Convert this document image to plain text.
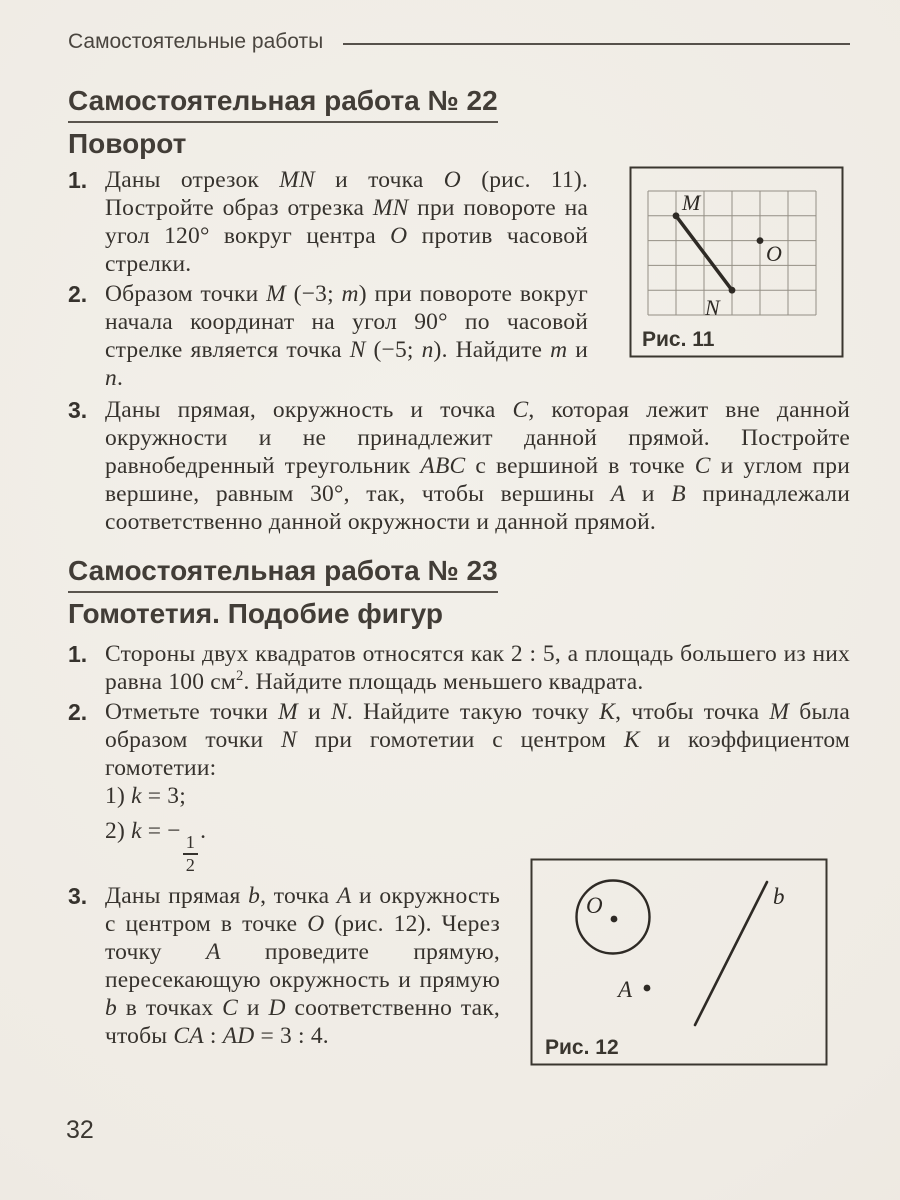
Самостоятельные работы
Самостоятельная работа № 22
Поворот
1. Даны отрезок MN и точка O (рис. 11). Постройте образ отрезка MN при повороте на угол 120° вокруг центра O против часовой стрелки.
2. Образом точки M (−3; m) при повороте вокруг начала координат на угол 90° по часовой стрелке является точка N (−5; n). Найдите m и n.
M
N
O
Рис. 11
3. Даны прямая, окружность и точка C, которая лежит вне данной окружности и не принадлежит данной прямой. Постройте равнобедренный треугольник ABC с вершиной в точке C и углом при вершине, равным 30°, так, чтобы вершины A и B принадлежали соответственно данной окружности и данной прямой.
Самостоятельная работа № 23
Гомотетия. Подобие фигур
1. Стороны двух квадратов относятся как 2 : 5, а площадь большего из них равна 100 $см^2$. Найдите площадь меньшего квадрата.
2. Отметьте точки M и N. Найдите такую точку K, чтобы точка M была образом точки N при гомотетии с центром K и коэффициентом гомотетии:
1) k = 3;
2) k = −
$\frac{1}{2}$
.
3. Даны прямая b, точка A и окружность с центром в точке O (рис. 12). Через точку A проведите прямую, пересекающую окружность и прямую b в точках C и D соответственно так, чтобы CA : AD = 3 : 4.
O
A
b
Рис. 12
32
